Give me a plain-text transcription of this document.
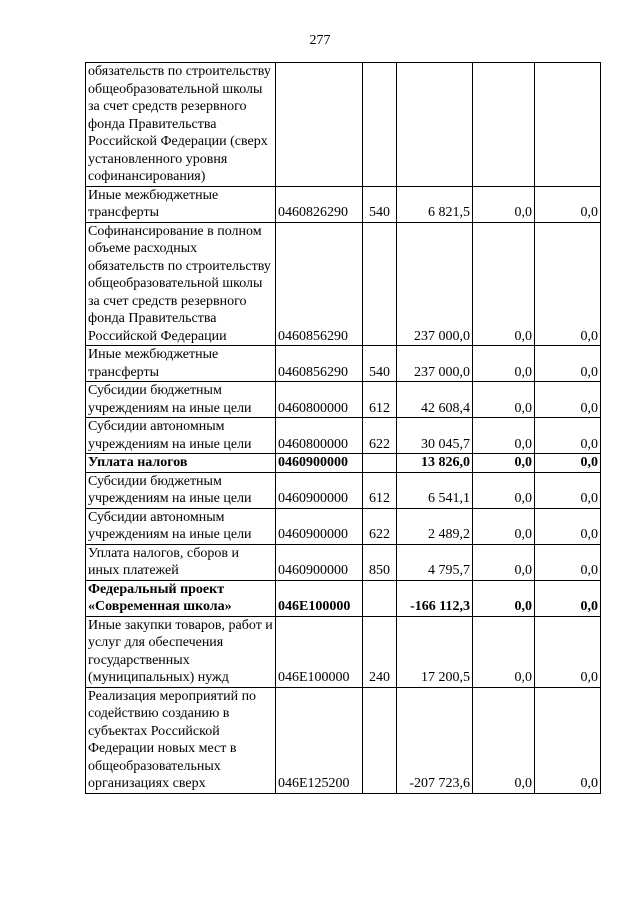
277
обязательств по строительству общеобразовательной школы за счет средств резервного фонда Правительства Российской Федерации (сверх установленного уровня софинансирования)					
Иные межбюджетные трансферты	0460826290	540	6 821,5	0,0	0,0
Софинансирование в полном объеме расходных обязательств по строительству общеобразовательной школы за счет средств резервного фонда Правительства Российской Федерации	0460856290		237 000,0	0,0	0,0
Иные межбюджетные трансферты	0460856290	540	237 000,0	0,0	0,0
Субсидии бюджетным учреждениям на иные цели	0460800000	612	42 608,4	0,0	0,0
Субсидии автономным учреждениям на иные цели	0460800000	622	30 045,7	0,0	0,0
Уплата налогов	0460900000		13 826,0	0,0	0,0
Субсидии бюджетным учреждениям на иные цели	0460900000	612	6 541,1	0,0	0,0
Субсидии автономным учреждениям на иные цели	0460900000	622	2 489,2	0,0	0,0
Уплата налогов, сборов и иных платежей	0460900000	850	4 795,7	0,0	0,0
Федеральный проект «Современная школа»	046E100000		-166 112,3	0,0	0,0
Иные закупки товаров, работ и услуг для обеспечения государственных (муниципальных) нужд	046E100000	240	17 200,5	0,0	0,0
Реализация мероприятий по содействию созданию в субъектах Российской Федерации новых мест в общеобразовательных организациях сверх	046E125200		-207 723,6	0,0	0,0
